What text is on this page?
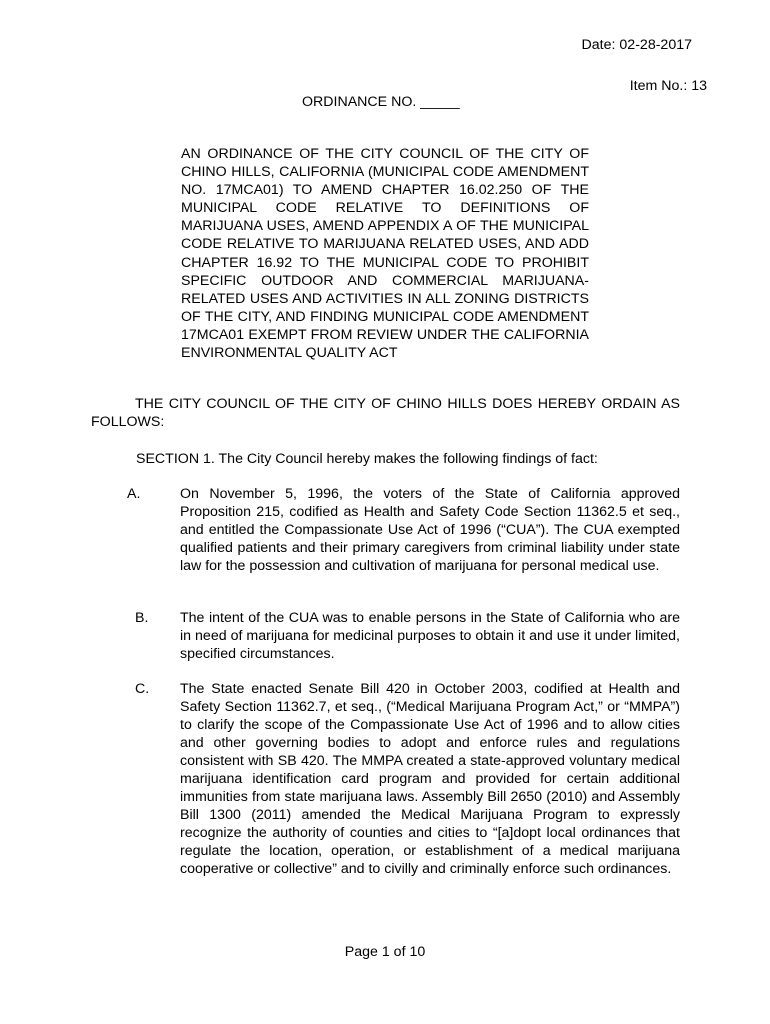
Date: 02-28-2017
Item No.: 13
ORDINANCE NO. _____
AN ORDINANCE OF THE CITY COUNCIL OF THE CITY OF CHINO HILLS, CALIFORNIA (MUNICIPAL CODE AMENDMENT NO. 17MCA01) TO AMEND CHAPTER 16.02.250 OF THE MUNICIPAL CODE RELATIVE TO DEFINITIONS OF MARIJUANA USES, AMEND APPENDIX A OF THE MUNICIPAL CODE RELATIVE TO MARIJUANA RELATED USES, AND ADD CHAPTER 16.92 TO THE MUNICIPAL CODE TO PROHIBIT SPECIFIC OUTDOOR AND COMMERCIAL MARIJUANA-RELATED USES AND ACTIVITIES IN ALL ZONING DISTRICTS OF THE CITY, AND FINDING MUNICIPAL CODE AMENDMENT 17MCA01 EXEMPT FROM REVIEW UNDER THE CALIFORNIA ENVIRONMENTAL QUALITY ACT
THE CITY COUNCIL OF THE CITY OF CHINO HILLS DOES HEREBY ORDAIN AS FOLLOWS:
SECTION 1. The City Council hereby makes the following findings of fact:
A.	On November 5, 1996, the voters of the State of California approved Proposition 215, codified as Health and Safety Code Section 11362.5 et seq., and entitled the Compassionate Use Act of 1996 (“CUA”). The CUA exempted qualified patients and their primary caregivers from criminal liability under state law for the possession and cultivation of marijuana for personal medical use.
B. The intent of the CUA was to enable persons in the State of California who are in need of marijuana for medicinal purposes to obtain it and use it under limited, specified circumstances.
C. The State enacted Senate Bill 420 in October 2003, codified at Health and Safety Section 11362.7, et seq., (“Medical Marijuana Program Act,” or “MMPA”) to clarify the scope of the Compassionate Use Act of 1996 and to allow cities and other governing bodies to adopt and enforce rules and regulations consistent with SB 420. The MMPA created a state-approved voluntary medical marijuana identification card program and provided for certain additional immunities from state marijuana laws. Assembly Bill 2650 (2010) and Assembly Bill 1300 (2011) amended the Medical Marijuana Program to expressly recognize the authority of counties and cities to “[a]dopt local ordinances that regulate the location, operation, or establishment of a medical marijuana cooperative or collective” and to civilly and criminally enforce such ordinances.
Page 1 of 10
